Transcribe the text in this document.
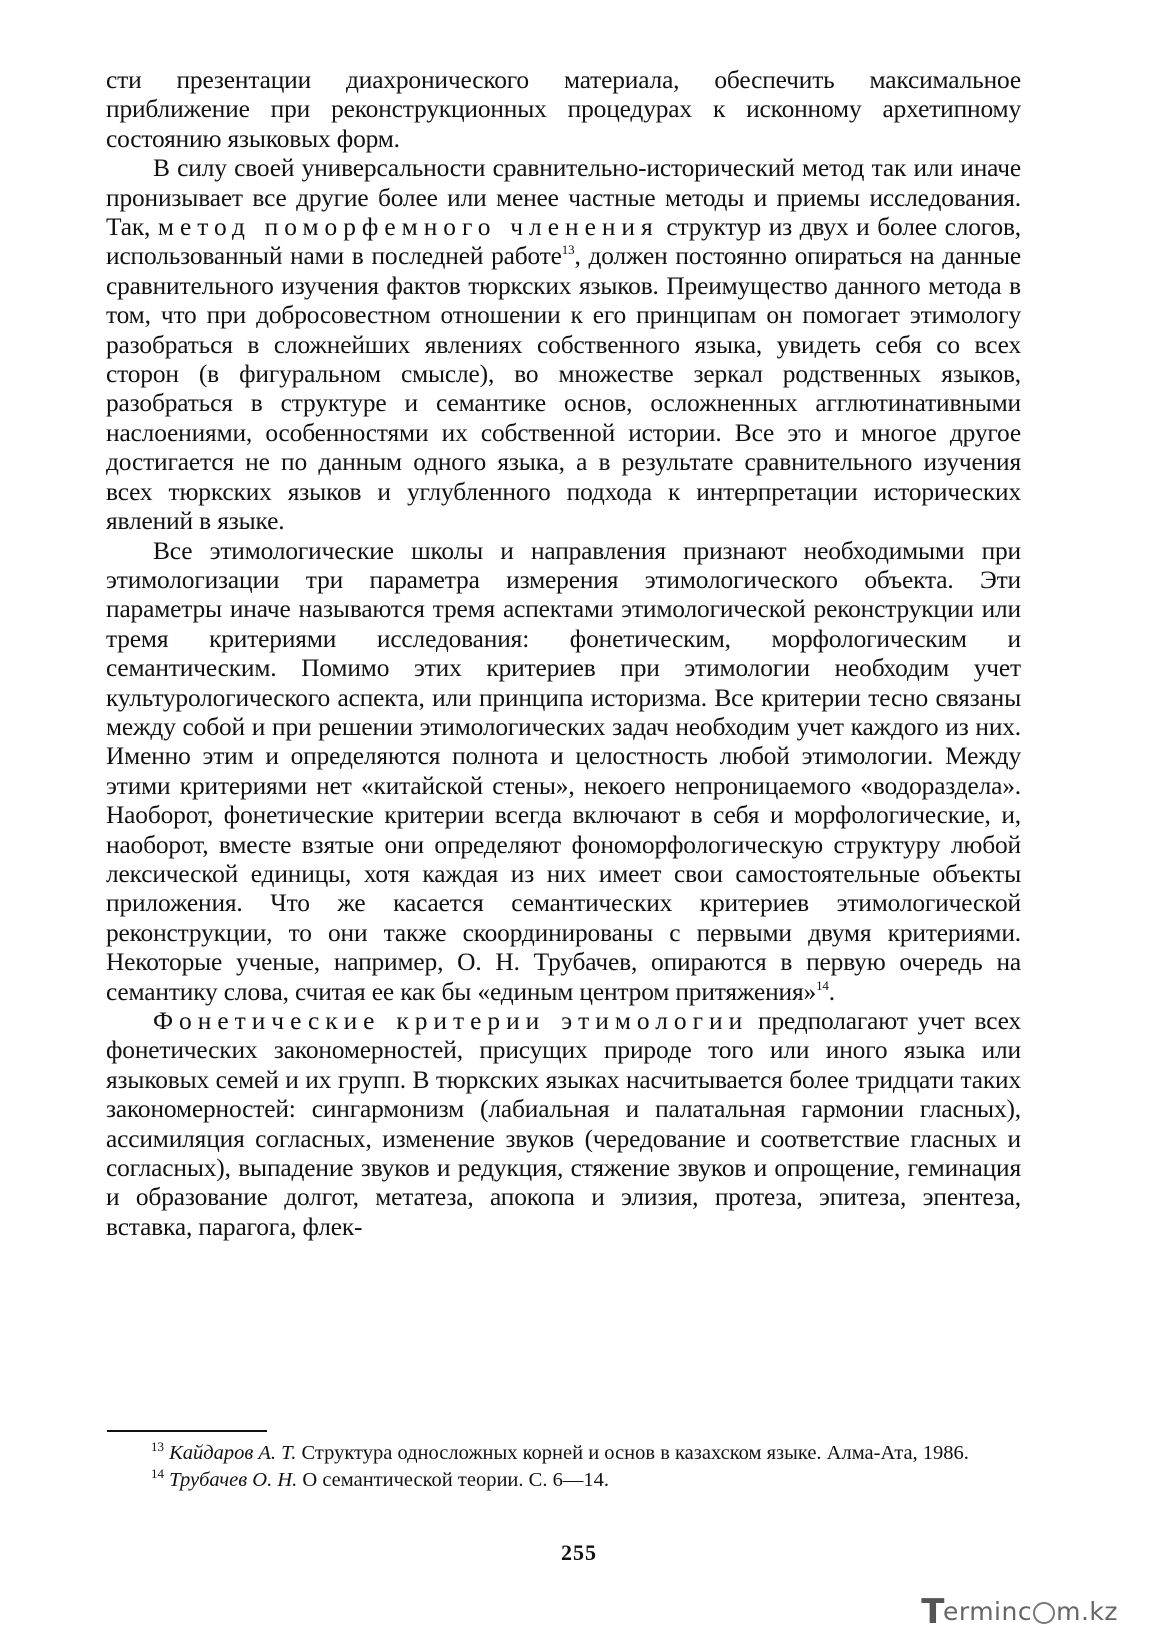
сти презентации диахронического материала, обеспечить максимальное приближение при реконструкционных процедурах к исконному архетипному состоянию языковых форм.

В силу своей универсальности сравнительно-исторический метод так или иначе пронизывает все другие более или менее частные методы и приемы исследования. Так, метод поморфемного членения структур из двух и более слогов, использованный нами в последней работе$^{13}$, должен постоянно опираться на данные сравнительного изучения фактов тюркских языков. Преимущество данного метода в том, что при добросовестном отношении к его принципам он помогает этимологу разобраться в сложнейших явлениях собственного языка, увидеть себя со всех сторон (в фигуральном смысле), во множестве зеркал родственных языков, разобраться в структуре и семантике основ, осложненных агглютинативными наслоениями, особенностями их собственной истории. Все это и многое другое достигается не по данным одного языка, а в результате сравнительного изучения всех тюркских языков и углубленного подхода к интерпретации исторических явлений в языке.

Все этимологические школы и направления признают необходимыми при этимологизации три параметра измерения этимологического объекта. Эти параметры иначе называются тремя аспектами этимологической реконструкции или тремя критериями исследования: фонетическим, морфологическим и семантическим. Помимо этих критериев при этимологии необходим учет культурологического аспекта, или принципа историзма. Все критерии тесно связаны между собой и при решении этимологических задач необходим учет каждого из них. Именно этим и определяются полнота и целостность любой этимологии. Между этими критериями нет «китайской стены», некоего непроницаемого «водораздела». Наоборот, фонетические критерии всегда включают в себя и морфологические, и, наоборот, вместе взятые они определяют фономорфологическую структуру любой лексической единицы, хотя каждая из них имеет свои самостоятельные объекты приложения. Что же касается семантических критериев этимологической реконструкции, то они также скоординированы с первыми двумя критериями. Некоторые ученые, например, О. Н. Трубачев, опираются в первую очередь на семантику слова, считая ее как бы «единым центром притяжения»$^{14}$.

Фонетические критерии этимологии предполагают учет всех фонетических закономерностей, присущих природе того или иного языка или языковых семей и их групп. В тюркских языках насчитывается более тридцати таких закономерностей: сингармонизм (лабиальная и палатальная гармонии гласных), ассимиляция согласных, изменение звуков (чередование и соответствие гласных и согласных), выпадение звуков и редукция, стяжение звуков и опрощение, геминация и образование долгот, метатеза, апокопа и элизия, протеза, эпитеза, эпентеза, вставка, парагога, флек-

$^{13}$ Кайдаров А. Т. Структура односложных корней и основ в казахском языке. Алма-Ата, 1986.

$^{14}$ Трубачев О. Н. О семантической теории. С. 6—14.

255
Terminc m.kz
